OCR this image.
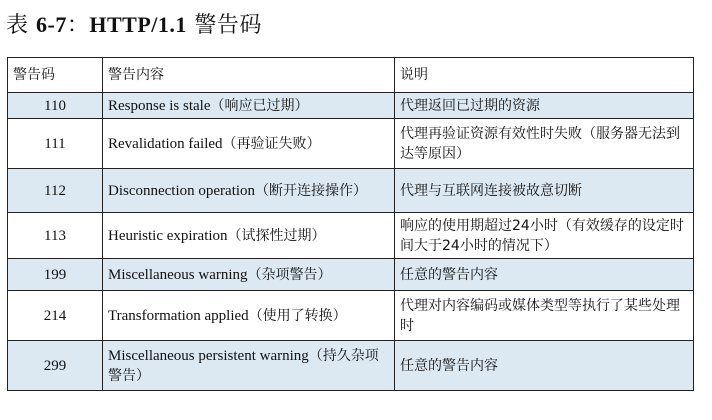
表 6-7：HTTP/1.1 警告码
警告码	警告内容	说明
110	Response is stale（响应已过期）	代理返回已过期的资源
111	Revalidation failed（再验证失败）	代理再验证资源有效性时失败（服务器无法到达等原因）
112	Disconnection operation（断开连接操作）	代理与互联网连接被故意切断
113	Heuristic expiration（试探性过期）	响应的使用期超过24小时（有效缓存的设定时间大于24小时的情况下）
199	Miscellaneous warning（杂项警告）	任意的警告内容
214	Transformation applied（使用了转换）	代理对内容编码或媒体类型等执行了某些处理时
299	Miscellaneous persistent warning（持久杂项警告）	任意的警告内容
